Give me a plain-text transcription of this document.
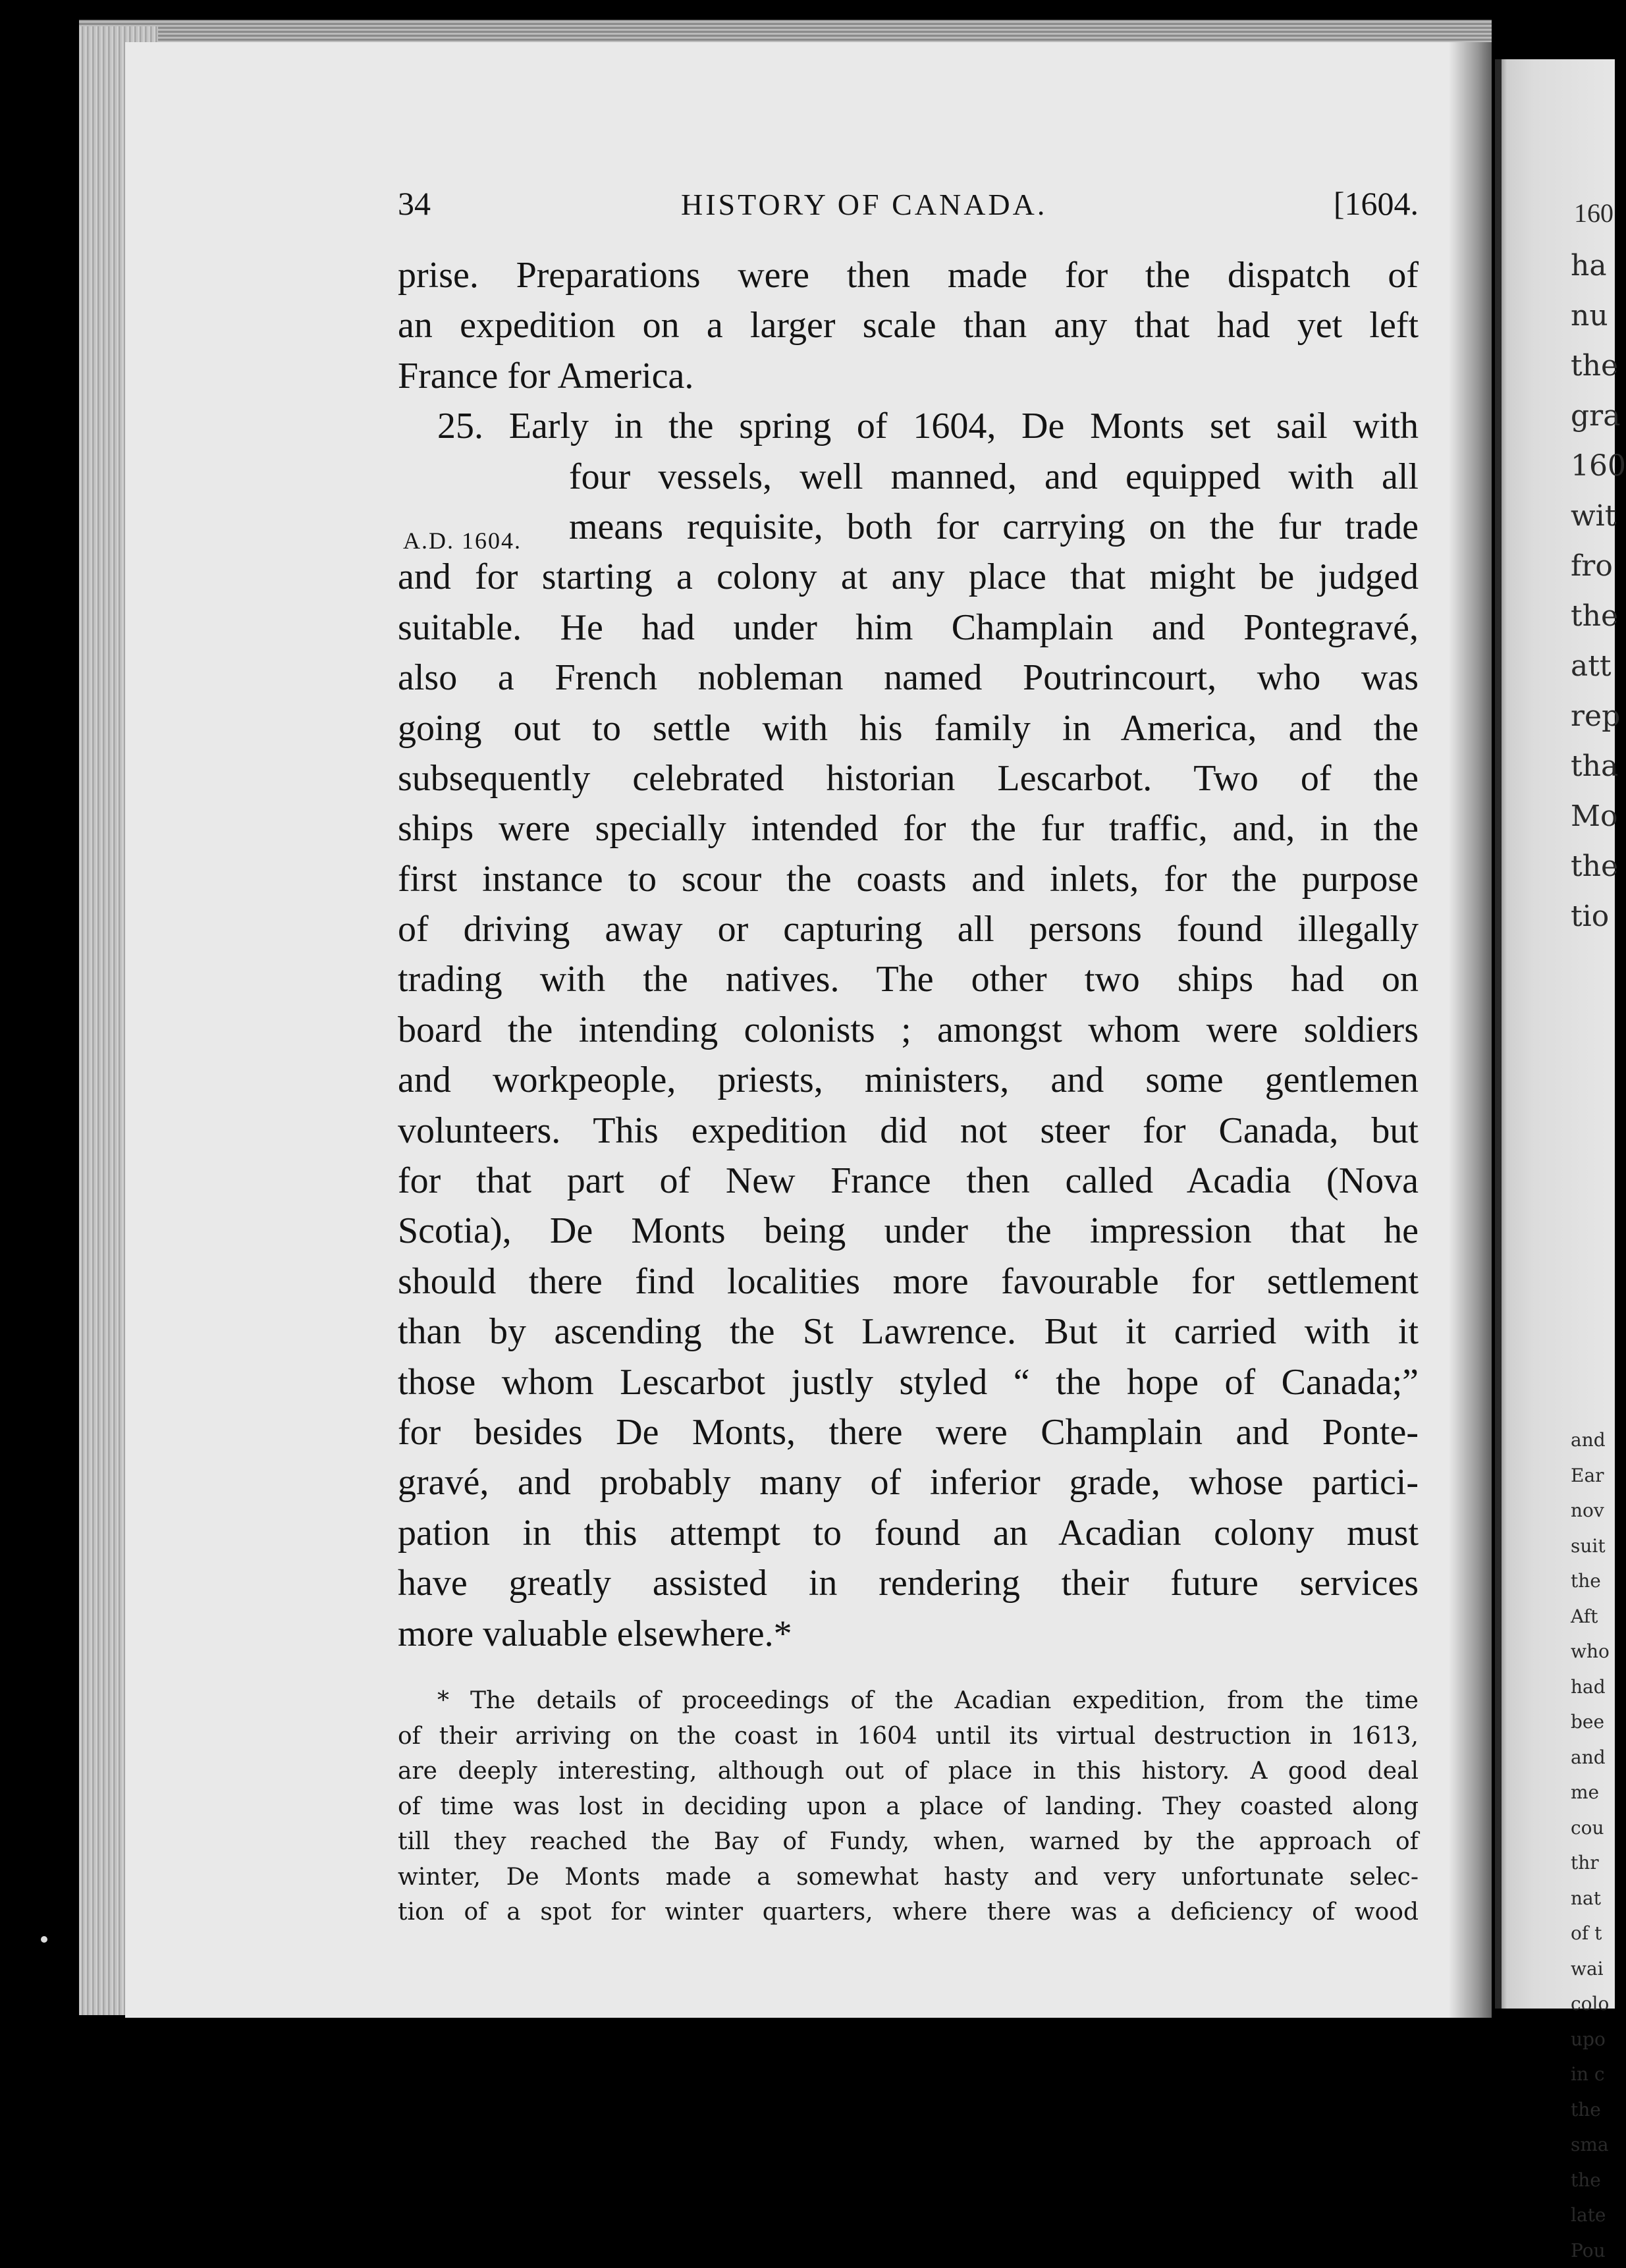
160
ha
nu
the
gra
160
wit
fro
the
att
rep
tha
Mo
the
tio
and
Ear
nov
suit
the
Aft
who
had
bee
and
me
cou
thr
nat
of t
wai
colo
upo
in c
the
sma
the
late
Pou
34	HISTORY OF CANADA.	[1604.
A.D. 1604.
prise. Preparations were then made for the dispatch of
an expedition on a larger scale than any that had yet left
France for America.
25. Early in the spring of 1604, De Monts set sail with
four vessels, well manned, and equipped with all
means requisite, both for carrying on the fur trade
and for starting a colony at any place that might be judged
suitable. He had under him Champlain and Pontegravé,
also a French nobleman named Poutrincourt, who was
going out to settle with his family in America, and the
subsequently celebrated historian Lescarbot. Two of the
ships were specially intended for the fur traffic, and, in the
first instance to scour the coasts and inlets, for the purpose
of driving away or capturing all persons found illegally
trading with the natives. The other two ships had on
board the intending colonists ; amongst whom were soldiers
and workpeople, priests, ministers, and some gentlemen
volunteers. This expedition did not steer for Canada, but
for that part of New France then called Acadia (Nova
Scotia), De Monts being under the impression that he
should there find localities more favourable for settlement
than by ascending the St Lawrence. But it carried with it
those whom Lescarbot justly styled “ the hope of Canada;”
for besides De Monts, there were Champlain and Ponte-
gravé, and probably many of inferior grade, whose partici-
pation in this attempt to found an Acadian colony must
have greatly assisted in rendering their future services
more valuable elsewhere.*
* The details of proceedings of the Acadian expedition, from the time
of their arriving on the coast in 1604 until its virtual destruction in 1613,
are deeply interesting, although out of place in this history. A good deal
of time was lost in deciding upon a place of landing. They coasted along
till they reached the Bay of Fundy, when, warned by the approach of
winter, De Monts made a somewhat hasty and very unfortunate selec-
tion of a spot for winter quarters, where there was a deficiency of wood
